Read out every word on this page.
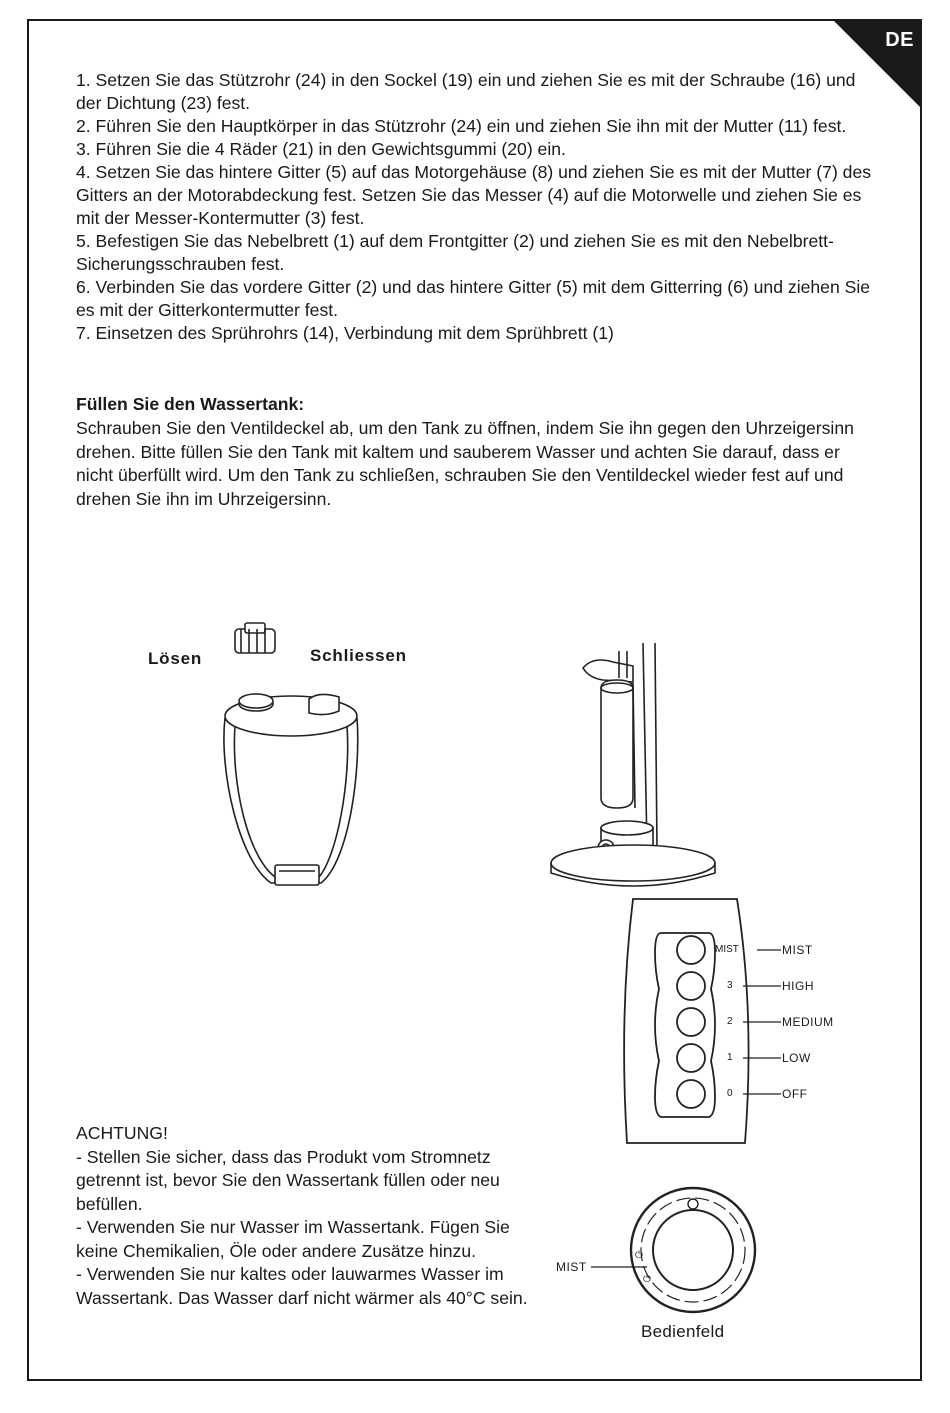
DE

1. Setzen Sie das Stützrohr (24) in den Sockel (19) ein und ziehen Sie es mit der Schraube (16) und der Dichtung (23) fest.

2. Führen Sie den Hauptkörper in das Stützrohr (24) ein und ziehen Sie ihn mit der Mutter (11) fest.

3. Führen Sie die 4 Räder (21) in den Gewichtsgummi (20) ein.

4. Setzen Sie das hintere Gitter (5) auf das Motorgehäuse (8) und ziehen Sie es mit der Mutter (7) des Gitters an der Motorabdeckung fest. Setzen Sie das Messer (4) auf die Motorwelle und ziehen Sie es mit der Messer-Kontermutter (3) fest.

5. Befestigen Sie das Nebelbrett (1) auf dem Frontgitter (2) und ziehen Sie es mit den Nebelbrett-Sicherungsschrauben fest.

6. Verbinden Sie das vordere Gitter (2) und das hintere Gitter (5) mit dem Gitterring (6) und ziehen Sie es mit der Gitterkontermutter fest.

7. Einsetzen des Sprührohrs (14), Verbindung mit dem Sprühbrett (1)

Füllen Sie den Wassertank:
Schrauben Sie den Ventildeckel ab, um den Tank zu öffnen, indem Sie ihn gegen den Uhrzeigersinn drehen. Bitte füllen Sie den Tank mit kaltem und sauberem Wasser und achten Sie darauf, dass er nicht überfüllt wird. Um den Tank zu schließen, schrauben Sie den Ventildeckel wieder fest auf und drehen Sie ihn im Uhrzeigersinn.
Lösen	Schliessen
MIST
3
2
1
0
MIST
HIGH
MEDIUM
LOW
OFF
⏻
⏻
MIST
Bedienfeld

ACHTUNG!

- Stellen Sie sicher, dass das Produkt vom Stromnetz getrennt ist, bevor Sie den Wassertank füllen oder neu befüllen.

- Verwenden Sie nur Wasser im Wassertank. Fügen Sie keine Chemikalien, Öle oder andere Zusätze hinzu.

- Verwenden Sie nur kaltes oder lauwarmes Wasser im Wassertank. Das Wasser darf nicht wärmer als 40°C sein.
